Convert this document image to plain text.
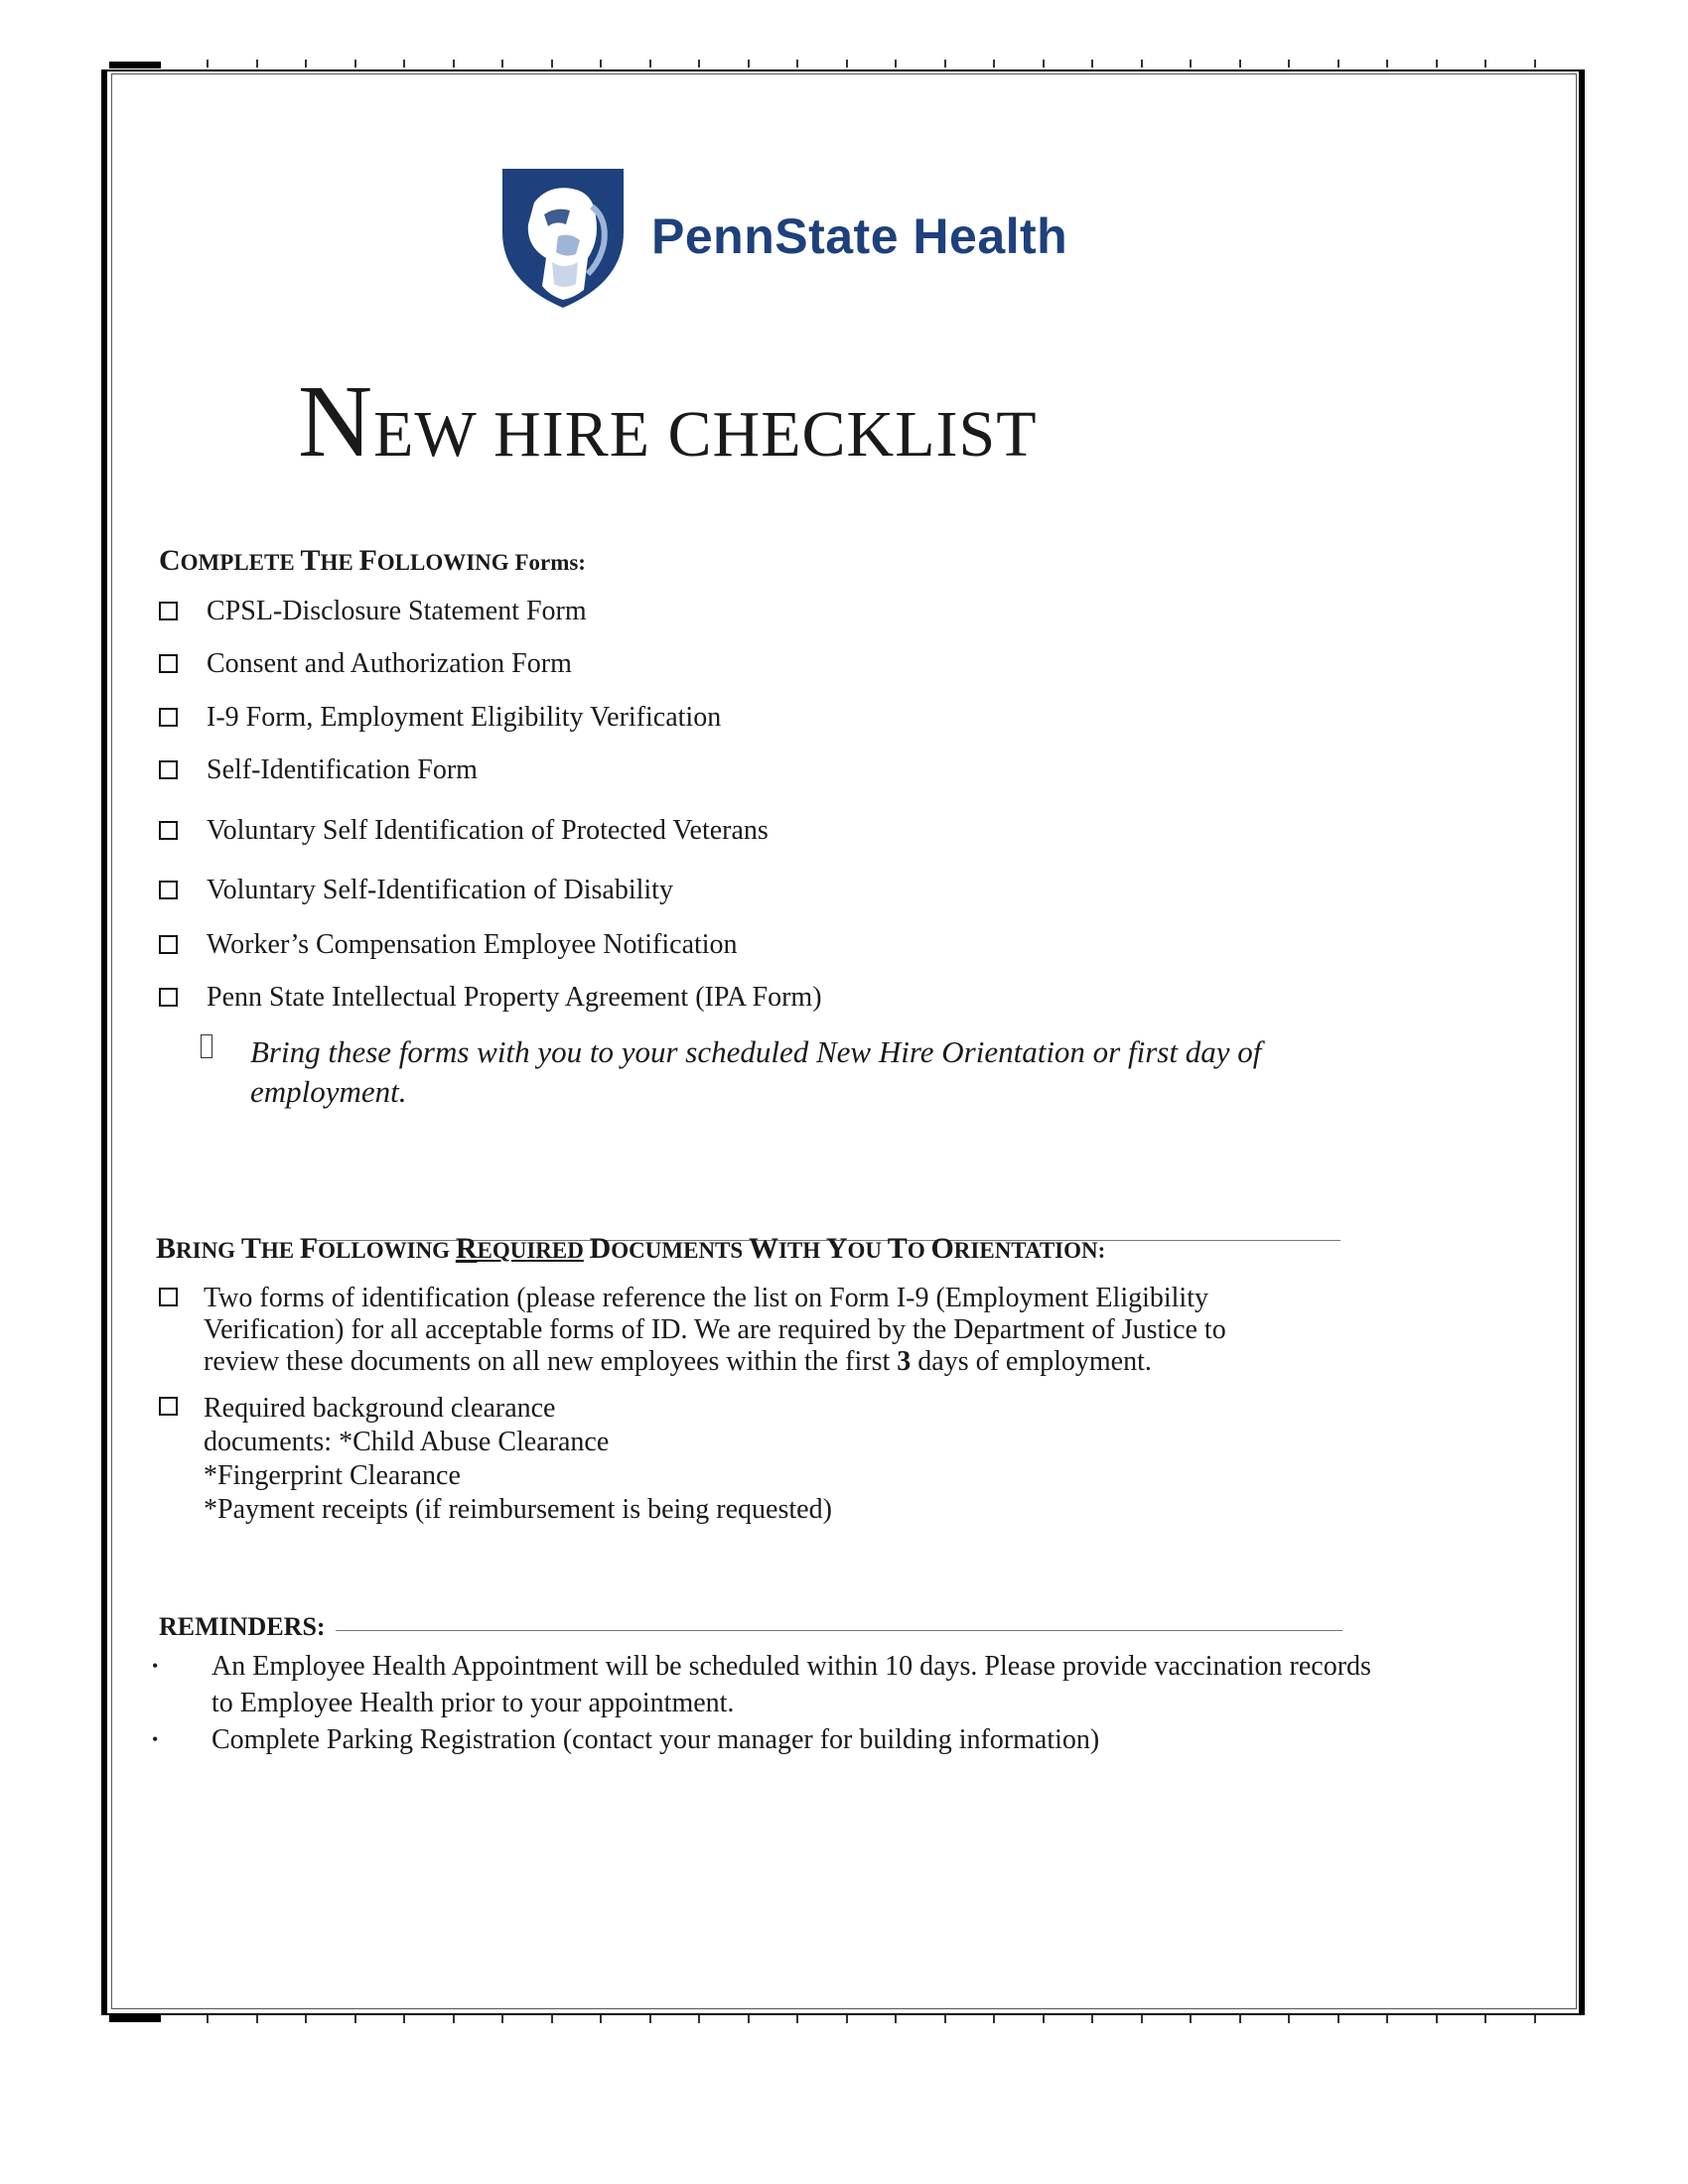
PennState Health
NEW HIRE CHECKLIST
COMPLETE THE FOLLOWING Forms:
CPSL-Disclosure Statement Form
Consent and Authorization Form
I-9 Form, Employment Eligibility Verification
Self-Identification Form
Voluntary Self Identification of Protected Veterans
Voluntary Self-Identification of Disability
Worker’s Compensation Employee Notification
Penn State Intellectual Property Agreement (IPA Form)
Bring these forms with you to your scheduled New Hire Orientation or first day of
employment.
BRING THE FOLLOWING REQUIRED DOCUMENTS WITH YOU TO ORIENTATION:
Two forms of identification (please reference the list on Form I-9 (Employment Eligibility
Verification) for all acceptable forms of ID. We are required by the Department of Justice to
review these documents on all new employees within the first 3 days of employment.
Required background clearance
documents: *Child Abuse Clearance
*Fingerprint Clearance
*Payment receipts (if reimbursement is being requested)
REMINDERS:
•	An Employee Health Appointment will be scheduled within 10 days. Please provide vaccination records
to Employee Health prior to your appointment.
•	Complete Parking Registration (contact your manager for building information)
